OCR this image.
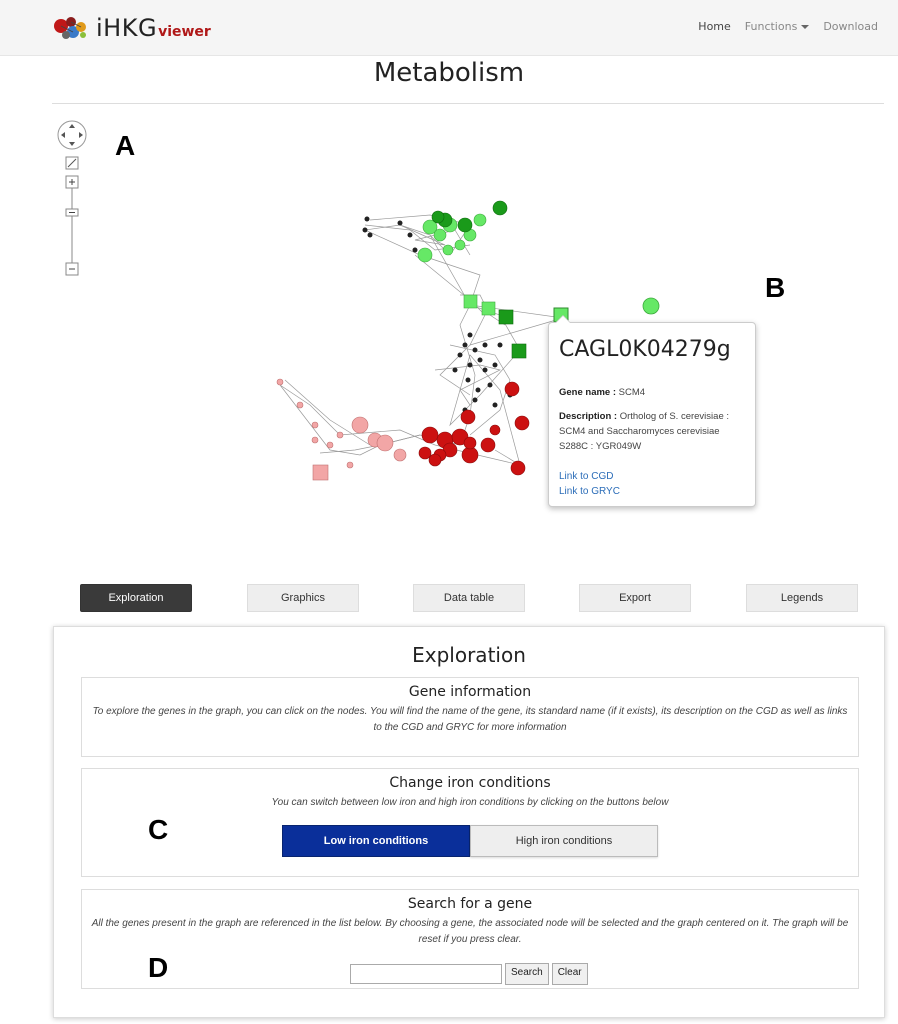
iHKG viewer	Home Functions	Download
Metabolism
A
B
CAGL0K04279g
Gene name : SCM4
Description : Ortholog of S. cerevisiae : SCM4 and Saccharomyces cerevisiae S288C : YGR049W
Link to CGD
Link to GRYC
Exploration	Graphics	Data table	Export	Legends
Exploration
Gene information
To explore the genes in the graph, you can click on the nodes. You will find the name of the gene, its standard name (if it exists), its description on the CGD as well as links to the CGD and GRYC for more information
Change iron conditions
You can switch between low iron and high iron conditions by clicking on the buttons below
C	Low iron conditions	High iron conditions
Search for a gene
All the genes present in the graph are referenced in the list below. By choosing a gene, the associated node will be selected and the graph centered on it. The graph will be reset if you press clear.
D	Search	Clear
